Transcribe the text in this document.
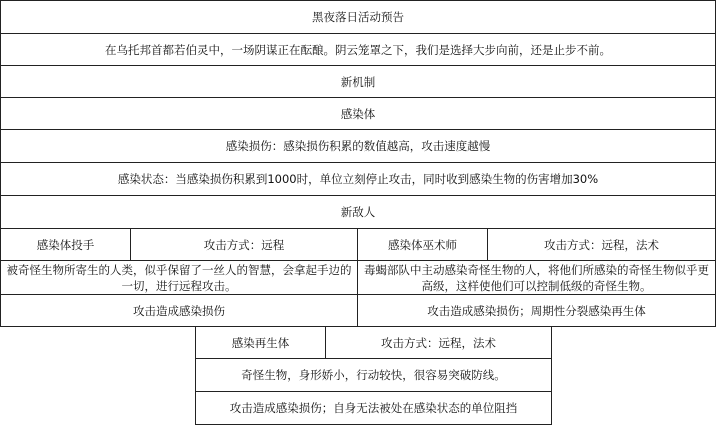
黑夜落日活动预告
在乌托邦首都若伯灵中，一场阴谋正在酝酿。阴云笼罩之下，我们是选择大步向前，还是止步不前。
新机制
感染体
感染损伤：感染损伤积累的数值越高，攻击速度越慢
感染状态：当感染损伤积累到1000时，单位立刻停止攻击，同时收到感染生物的伤害增加30%
新敌人
感染体投手	攻击方式：远程
被奇怪生物所寄生的人类，似乎保留了一丝人的智慧，会拿起手边的一切，进行远程攻击。
攻击造成感染损伤
感染体巫术师	攻击方式：远程，法术
毒蝎部队中主动感染奇怪生物的人，将他们所感染的奇怪生物似乎更高级，这样使他们可以控制低级的奇怪生物。
攻击造成感染损伤；周期性分裂感染再生体
感染再生体	攻击方式：远程，法术
奇怪生物，身形娇小，行动较快，很容易突破防线。
攻击造成感染损伤；自身无法被处在感染状态的单位阻挡
